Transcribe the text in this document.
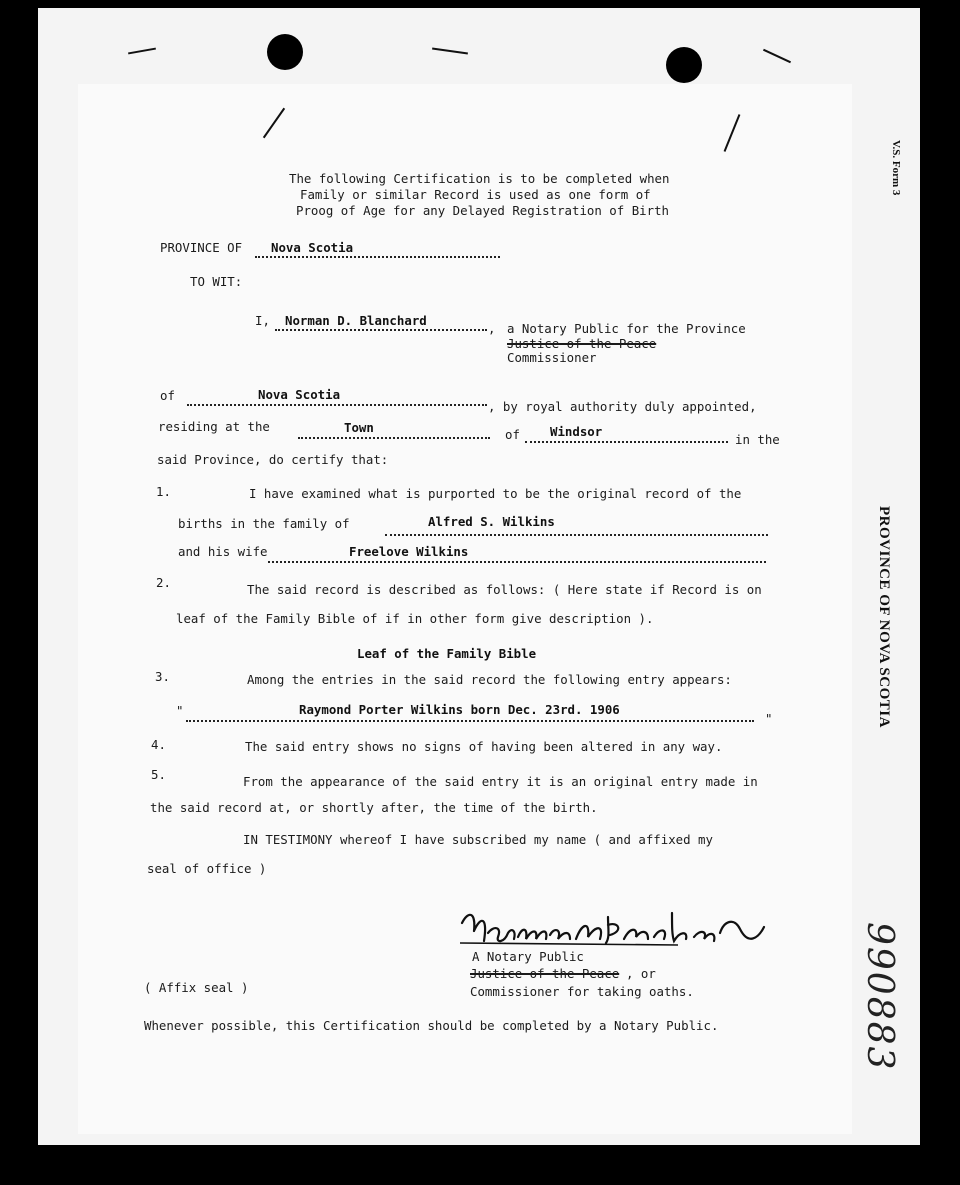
V.S. Form 3
PROVINCE OF NOVA SCOTIA
990883
The following Certification is to be completed when
Family or similar Record is used as one form of
Proog of Age for any Delayed Registration of Birth
PROVINCE OF Nova Scotia
TO WIT:
I, Norman D. Blanchard
, a Notary Public for the Province
Justice of the Peace
Commissioner
of	Nova Scotia
, by royal authority duly appointed,
residing at the	Town	of Windsor
in the
said Province, do certify that:
1.	I have examined what is purported to be the original record of the
births in the family of	Alfred S. Wilkins
and his wife	Freelove Wilkins
2.	The said record is described as follows: ( Here state if Record is on
leaf of the Family Bible of if in other form give description ).
Leaf of the Family Bible
3.	Among the entries in the said record the following entry appears:
"	Raymond Porter Wilkins born Dec. 23rd. 1906
"
4.	The said entry shows no signs of having been altered in any way.
5.	From the appearance of the said entry it is an original entry made in
the said record at, or shortly after, the time of the birth.
IN TESTIMONY whereof I have subscribed my name ( and affixed my
seal of office )
A Notary Public
Justice of the Peace , or
Commissioner for taking oaths.
( Affix seal )
Whenever possible, this Certification should be completed by a Notary Public.
